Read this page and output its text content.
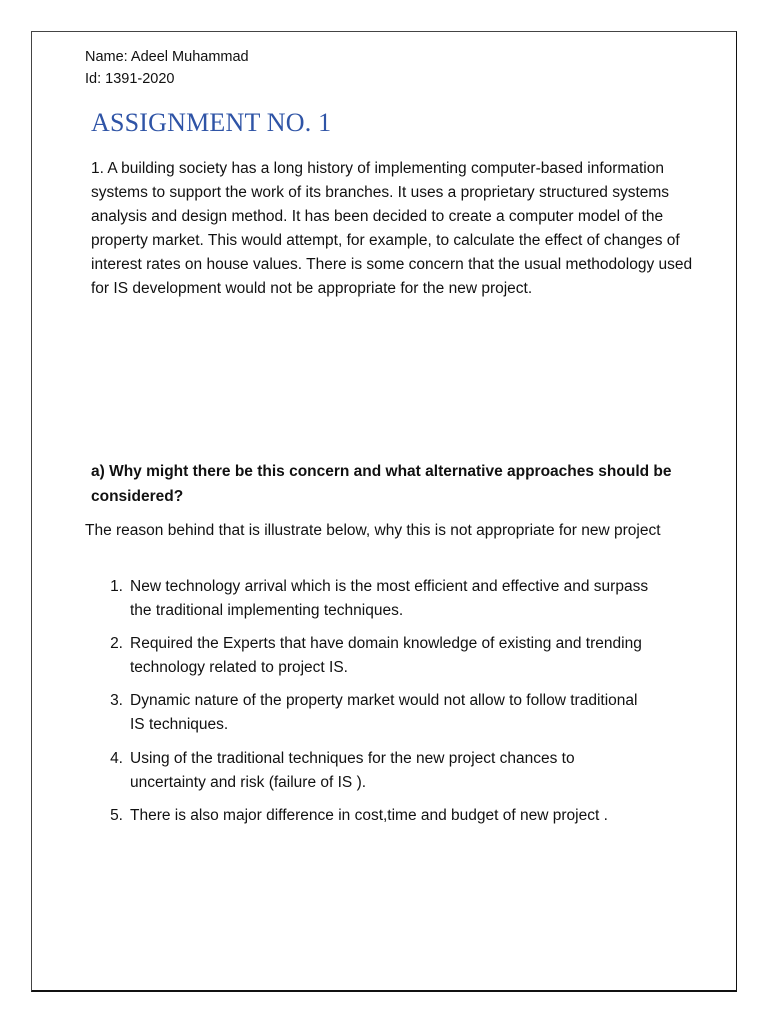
Name: Adeel Muhammad
Id: 1391-2020
ASSIGNMENT NO. 1
1. A building society has a long history of implementing computer-based information systems to support the work of its branches. It uses a proprietary structured systems analysis and design method. It has been decided to create a computer model of the property market. This would attempt, for example, to calculate the effect of changes of interest rates on house values. There is some concern that the usual methodology used for IS development would not be appropriate for the new project.
a) Why might there be this concern and what alternative approaches should be considered?
The reason behind that is illustrate below, why this is not appropriate for new project
1. New technology arrival which is the most efficient and effective and surpass the traditional implementing techniques.
2. Required the Experts that have domain knowledge of existing and trending technology related to project IS.
3. Dynamic nature of the property market would not allow to follow traditional IS techniques.
4. Using of the traditional techniques for the new project chances to uncertainty and risk (failure of IS ).
5. There is also major difference in cost,time and budget of new project .
